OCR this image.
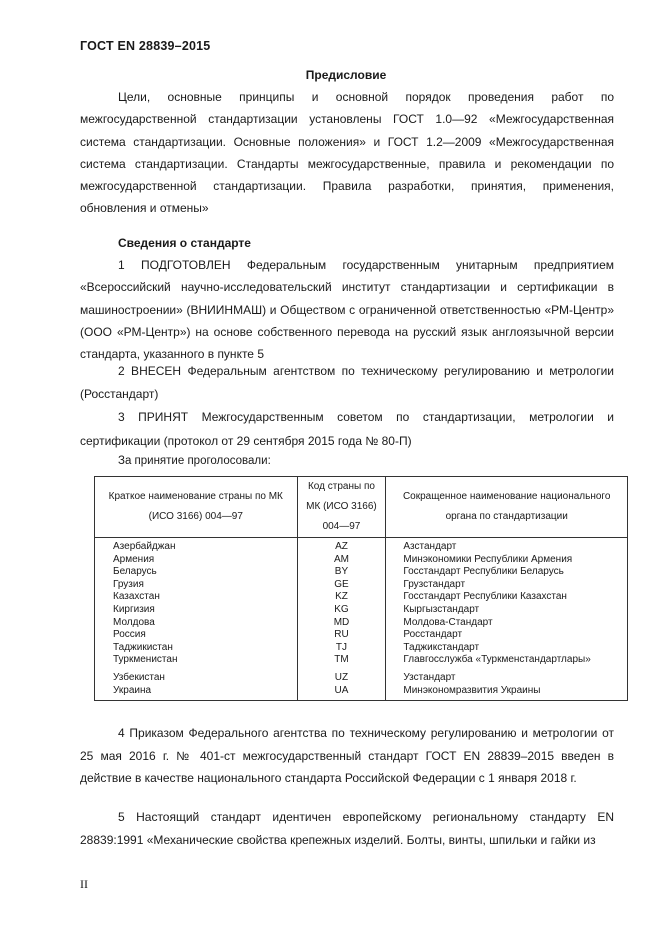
ГОСТ EN 28839–2015
Предисловие
Цели, основные принципы и основной порядок проведения работ по межгосударственной стандартизации установлены ГОСТ 1.0—92 «Межгосударственная система стандартизации. Основные положения» и ГОСТ 1.2—2009 «Межгосударственная система стандартизации. Стандарты межгосударственные, правила и рекомендации по межгосударственной стандартизации. Правила разработки, принятия, применения, обновления и отмены»
Сведения о стандарте
1 ПОДГОТОВЛЕН Федеральным государственным унитарным предприятием «Всероссийский научно-исследовательский институт стандартизации и сертификации в машиностроении» (ВНИИНМАШ) и Обществом с ограниченной ответственностью «РМ-Центр» (ООО «РМ-Центр») на основе собственного перевода на русский язык англоязычной версии стандарта, указанного в пункте 5
2 ВНЕСЕН Федеральным агентством по техническому регулированию и метрологии (Росстандарт)
3 ПРИНЯТ Межгосударственным советом по стандартизации, метрологии и сертификации (протокол от 29 сентября 2015 года № 80-П)
За принятие проголосовали:
Краткое наименование страны по МК (ИСО 3166) 004—97	Код страны по МК (ИСО 3166) 004—97	Сокращенное наименование национального органа по стандартизации
Азербайджан	AZ	Азстандарт
Армения	AM	Минэкономики Республики Армения
Беларусь	BY	Госстандарт Республики Беларусь
Грузия	GE	Грузстандарт
Казахстан	KZ	Госстандарт Республики Казахстан
Киргизия	KG	Кыргызстандарт
Молдова	MD	Молдова-Стандарт
Россия	RU	Росстандарт
Таджикистан	TJ	Таджикстандарт
Туркменистан	TM	Главгосслужба «Туркменстандартлары»
Узбекистан	UZ	Узстандарт
Украина	UA	Минэкономразвития Украины
4 Приказом Федерального агентства по техническому регулированию и метрологии от 25 мая 2016 г. № 401-ст межгосударственный стандарт ГОСТ EN 28839–2015 введен в действие в качестве национального стандарта Российской Федерации с 1 января 2018 г.
5 Настоящий стандарт идентичен европейскому региональному стандарту EN 28839:1991 «Механические свойства крепежных изделий. Болты, винты, шпильки и гайки из
II
